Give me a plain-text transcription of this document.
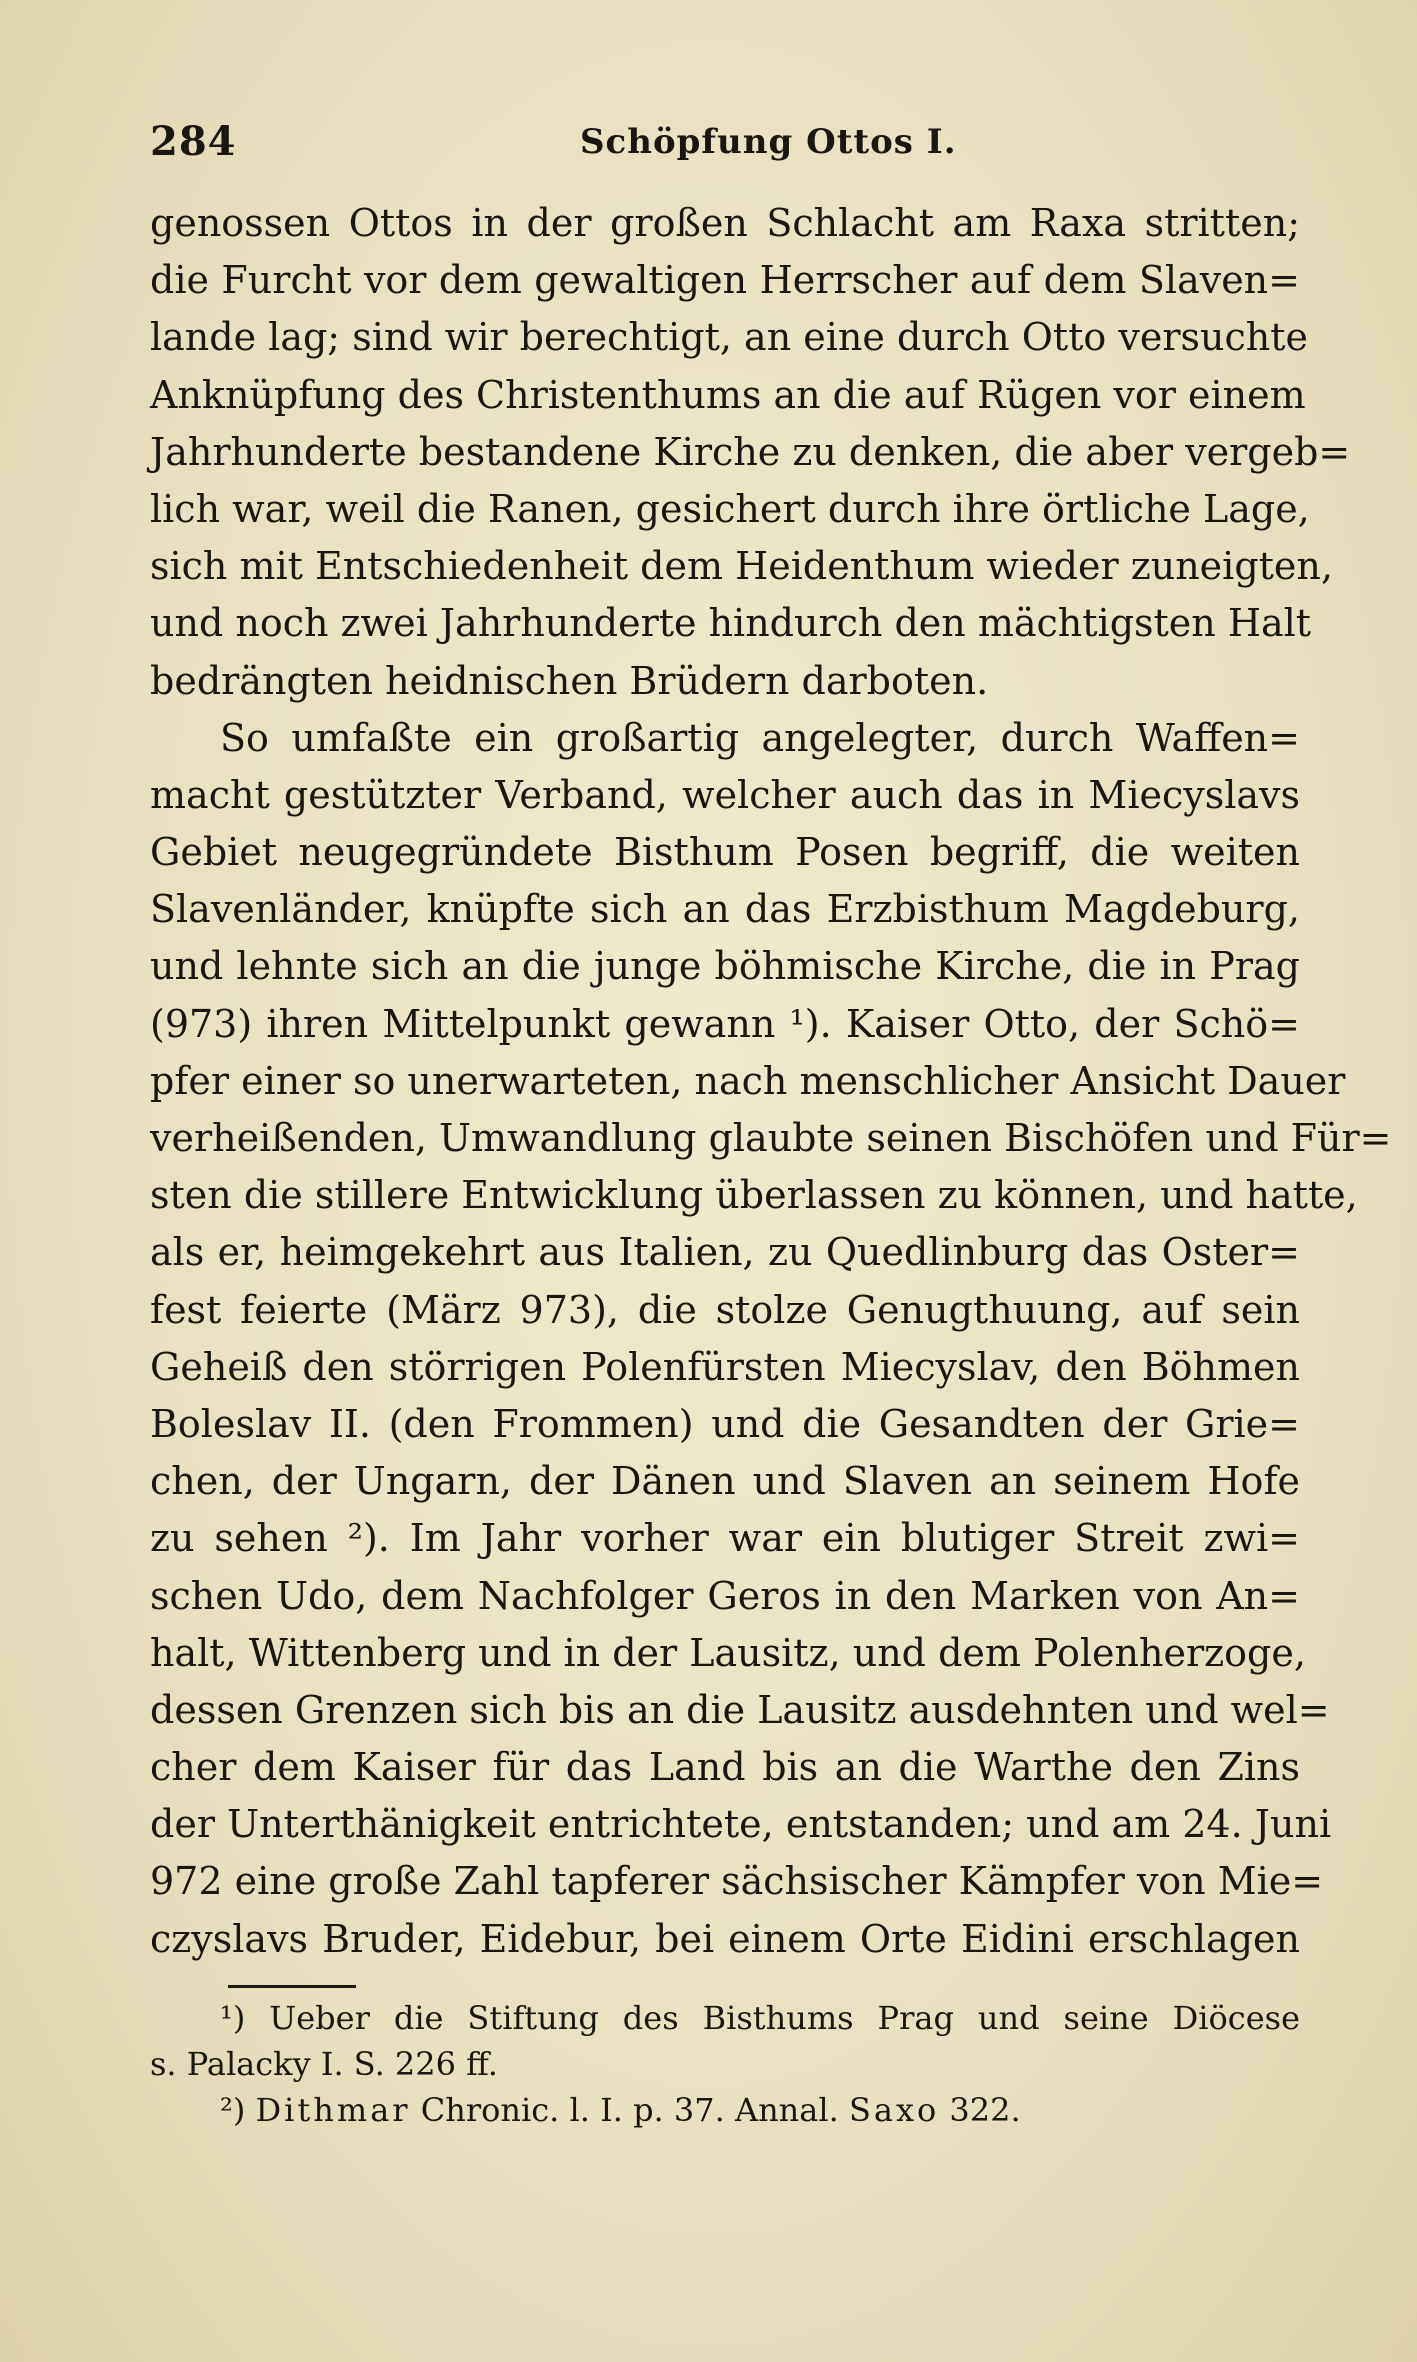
284	Schöpfung Ottos I.
genossen Ottos in der großen Schlacht am Raxa stritten;
die Furcht vor dem gewaltigen Herrscher auf dem Slaven=
lande lag; sind wir berechtigt, an eine durch Otto versuchte
Anknüpfung des Christenthums an die auf Rügen vor einem
Jahrhunderte bestandene Kirche zu denken, die aber vergeb=
lich war, weil die Ranen, gesichert durch ihre örtliche Lage,
sich mit Entschiedenheit dem Heidenthum wieder zuneigten,
und noch zwei Jahrhunderte hindurch den mächtigsten Halt
bedrängten heidnischen Brüdern darboten.
So umfaßte ein großartig angelegter, durch Waffen=
macht gestützter Verband, welcher auch das in Miecyslavs
Gebiet neugegründete Bisthum Posen begriff, die weiten
Slavenländer, knüpfte sich an das Erzbisthum Magdeburg,
und lehnte sich an die junge böhmische Kirche, die in Prag
(973) ihren Mittelpunkt gewann ¹). Kaiser Otto, der Schö=
pfer einer so unerwarteten, nach menschlicher Ansicht Dauer
verheißenden, Umwandlung glaubte seinen Bischöfen und Für=
sten die stillere Entwicklung überlassen zu können, und hatte,
als er, heimgekehrt aus Italien, zu Quedlinburg das Oster=
fest feierte (März 973), die stolze Genugthuung, auf sein
Geheiß den störrigen Polenfürsten Miecyslav, den Böhmen
Boleslav II. (den Frommen) und die Gesandten der Grie=
chen, der Ungarn, der Dänen und Slaven an seinem Hofe
zu sehen ²). Im Jahr vorher war ein blutiger Streit zwi=
schen Udo, dem Nachfolger Geros in den Marken von An=
halt, Wittenberg und in der Lausitz, und dem Polenherzoge,
dessen Grenzen sich bis an die Lausitz ausdehnten und wel=
cher dem Kaiser für das Land bis an die Warthe den Zins
der Unterthänigkeit entrichtete, entstanden; und am 24. Juni
972 eine große Zahl tapferer sächsischer Kämpfer von Mie=
czyslavs Bruder, Eidebur, bei einem Orte Eidini erschlagen
¹) Ueber die Stiftung des Bisthums Prag und seine Diöcese
s. Palacky I. S. 226 ff.
²) Dithmar Chronic. l. I. p. 37. Annal. Saxo 322.
